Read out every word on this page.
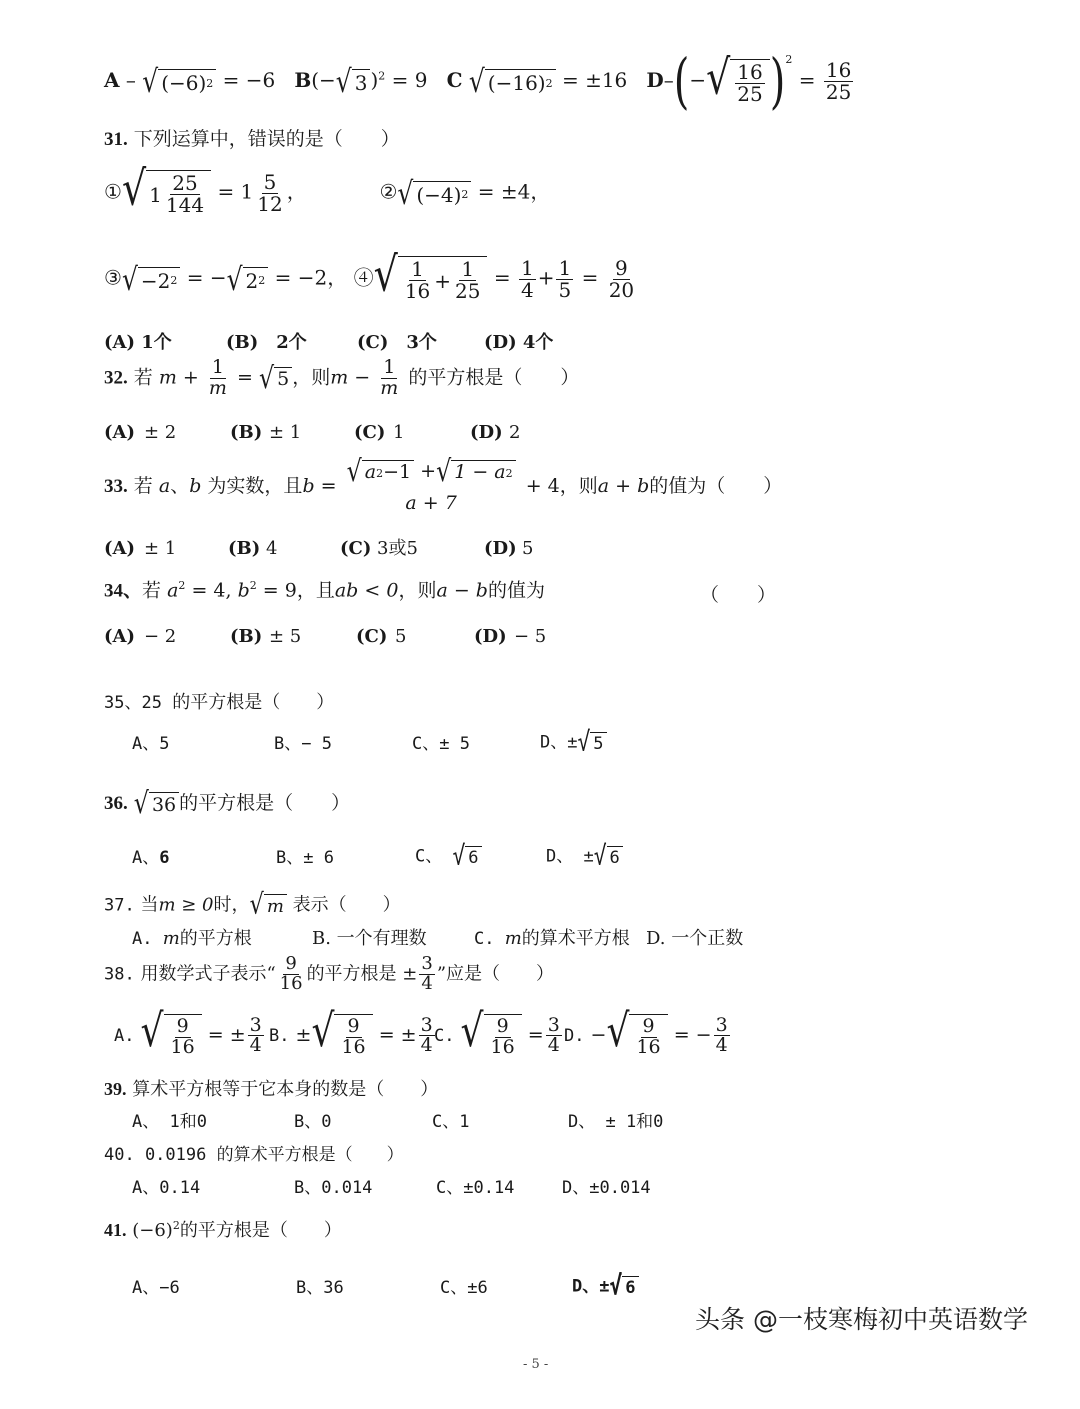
A – √ (−6) 2 = −6 B(− √ 3 )$^2$ = 9 C √ (−16) 2 = ±16 D–(− √ $\frac{16}{25} )^2 = \frac{16}{25}$
31. 下列运算中，错误的是（　　）
① √ $1 \frac{25}{144} = 1 \frac{5}{12}$ ，	② √ (−4) 2 = ±4，
③ √ −2 2 = − √ 2 2 = −2， ④ √ $\frac{1}{16} + \frac{1}{25} = \frac{1}{4} + \frac{1}{5} = \frac{9}{20}$
(A) 1个	(B)　2个	(C)　3个	(D) 4个
32. 若 $m + \frac{1}{m}$ = √ 5 ，则$m - \frac{1}{m}$ 的平方根是（　　）
(A) ± 2	(B) ± 1	(C) 1	(D) 2
33. 若 a、b 为实数，且b = √ a 2 −1 + √ 1 − a 2
a + 7
+ 4，则a + b的值为（　　）
(A) ± 1	(B) 4	(C) 3或5	(D) 5
34、若 $a^2 = 4$, $b^2 = 9$，且ab < 0，则a − b的值为	（　　）
(A) − 2	(B) ± 5	(C) 5	(D) − 5
35、25 的平方根是（　　）
A、5	B、− 5	C、± 5	D、± √ 5
36. √ 36 的平方根是（　　）
A、6	B、± 6	C、 √ 6	D、 ± √ 6
37. 当m ≥ 0时， √ m 表示（　　）
A. m的平方根	B. 一个有理数	C. m的算术平方根 D. 一个正数
38. 用数学式子表示“ $\frac{9}{16}$ 的平方根是 ± $\frac{3}{4}$ ”应是（　　）
A. √ $\frac{9}{16}$ = ± $\frac{3}{4} B$. ± √ $\frac{9}{16}$ = ± $\frac{3}{4} C$. √ $\frac{9}{16} = \frac{3}{4} D$. − √ $\frac{9}{16}$ = − $\frac{3}{4}$
39. 算术平方根等于它本身的数是（　　）
A、 1和0	B、0	C、1	D、 ± 1和0
40. 0.0196 的算术平方根是（　　）
A、0.14	B、0.014	C、±0.14	D、±0.014
41. $(-6)^2$的平方根是（　　）
A、−6	B、36	C、±6	D、± √ 6
- 5 -
头条 @一枝寒梅初中英语数学
